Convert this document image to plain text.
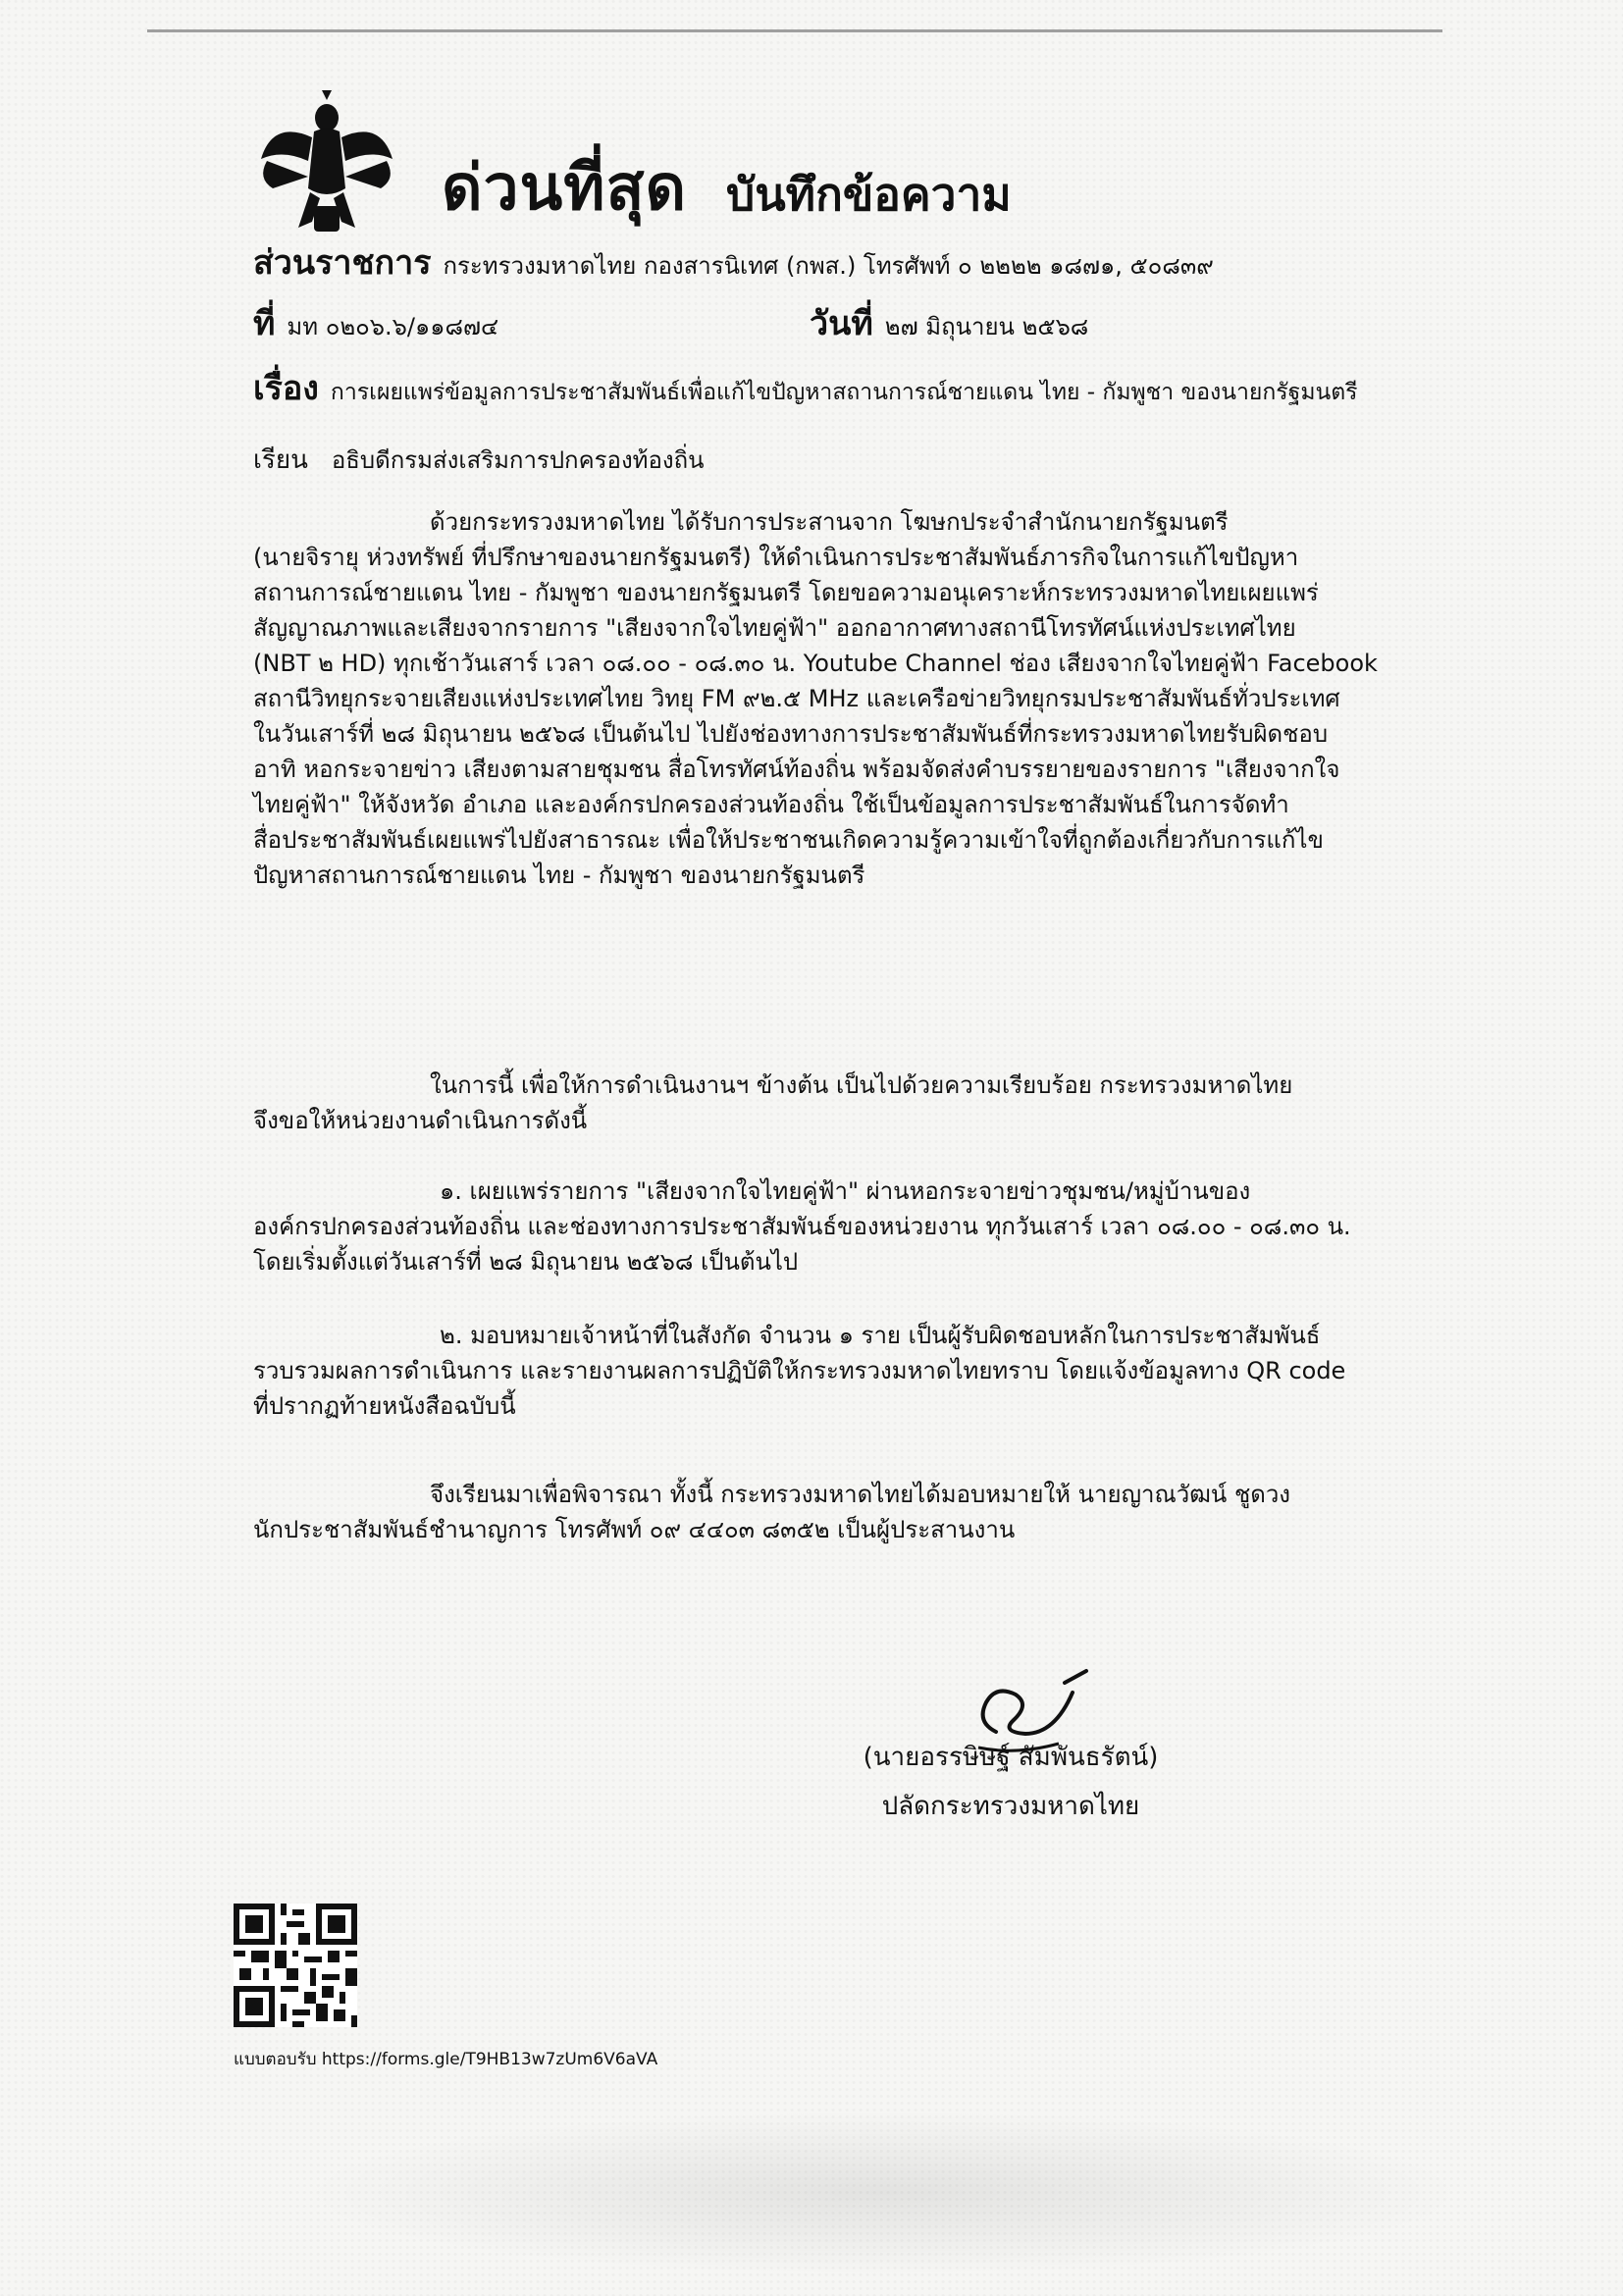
ด่วนที่สุด บันทึกข้อความ
ส่วนราชการ กระทรวงมหาดไทย กองสารนิเทศ (กพส.) โทรศัพท์ ๐ ๒๒๒๒ ๑๘๗๑, ๕๐๘๓๙
ที่ มท ๐๒๐๖.๖/๑๑๘๗๔	วันที่ ๒๗ มิถุนายน ๒๕๖๘
เรื่อง การเผยแพร่ข้อมูลการประชาสัมพันธ์เพื่อแก้ไขปัญหาสถานการณ์ชายแดน ไทย - กัมพูชา ของนายกรัฐมนตรี
เรียน อธิบดีกรมส่งเสริมการปกครองท้องถิ่น
ด้วยกระทรวงมหาดไทย ได้รับการประสานจาก โฆษกประจำสำนักนายกรัฐมนตรี
(นายจิรายุ ห่วงทรัพย์ ที่ปรึกษาของนายกรัฐมนตรี) ให้ดำเนินการประชาสัมพันธ์ภารกิจในการแก้ไขปัญหา
สถานการณ์ชายแดน ไทย - กัมพูชา ของนายกรัฐมนตรี โดยขอความอนุเคราะห์กระทรวงมหาดไทยเผยแพร่
สัญญาณภาพและเสียงจากรายการ "เสียงจากใจไทยคู่ฟ้า" ออกอากาศทางสถานีโทรทัศน์แห่งประเทศไทย
(NBT ๒ HD) ทุกเช้าวันเสาร์ เวลา ๐๘.๐๐ - ๐๘.๓๐ น. Youtube Channel ช่อง เสียงจากใจไทยคู่ฟ้า Facebook
สถานีวิทยุกระจายเสียงแห่งประเทศไทย วิทยุ FM ๙๒.๕ MHz และเครือข่ายวิทยุกรมประชาสัมพันธ์ทั่วประเทศ
ในวันเสาร์ที่ ๒๘ มิถุนายน ๒๕๖๘ เป็นต้นไป ไปยังช่องทางการประชาสัมพันธ์ที่กระทรวงมหาดไทยรับผิดชอบ
อาทิ หอกระจายข่าว เสียงตามสายชุมชน สื่อโทรทัศน์ท้องถิ่น พร้อมจัดส่งคำบรรยายของรายการ "เสียงจากใจ
ไทยคู่ฟ้า" ให้จังหวัด อำเภอ และองค์กรปกครองส่วนท้องถิ่น ใช้เป็นข้อมูลการประชาสัมพันธ์ในการจัดทำ
สื่อประชาสัมพันธ์เผยแพร่ไปยังสาธารณะ เพื่อให้ประชาชนเกิดความรู้ความเข้าใจที่ถูกต้องเกี่ยวกับการแก้ไข
ปัญหาสถานการณ์ชายแดน ไทย - กัมพูชา ของนายกรัฐมนตรี
ในการนี้ เพื่อให้การดำเนินงานฯ ข้างต้น เป็นไปด้วยความเรียบร้อย กระทรวงมหาดไทย
จึงขอให้หน่วยงานดำเนินการดังนี้
๑. เผยแพร่รายการ "เสียงจากใจไทยคู่ฟ้า" ผ่านหอกระจายข่าวชุมชน/หมู่บ้านของ
องค์กรปกครองส่วนท้องถิ่น และช่องทางการประชาสัมพันธ์ของหน่วยงาน ทุกวันเสาร์ เวลา ๐๘.๐๐ - ๐๘.๓๐ น.
โดยเริ่มตั้งแต่วันเสาร์ที่ ๒๘ มิถุนายน ๒๕๖๘ เป็นต้นไป
๒. มอบหมายเจ้าหน้าที่ในสังกัด จำนวน ๑ ราย เป็นผู้รับผิดชอบหลักในการประชาสัมพันธ์
รวบรวมผลการดำเนินการ และรายงานผลการปฏิบัติให้กระทรวงมหาดไทยทราบ โดยแจ้งข้อมูลทาง QR code
ที่ปรากฏท้ายหนังสือฉบับนี้
จึงเรียนมาเพื่อพิจารณา ทั้งนี้ กระทรวงมหาดไทยได้มอบหมายให้ นายญาณวัฒน์ ชูดวง
นักประชาสัมพันธ์ชำนาญการ โทรศัพท์ ๐๙ ๔๔๐๓ ๘๓๕๒ เป็นผู้ประสานงาน
(นายอรรษิษฐ์ สัมพันธรัตน์)
ปลัดกระทรวงมหาดไทย
แบบตอบรับ https://forms.gle/T9HB13w7zUm6V6aVA
